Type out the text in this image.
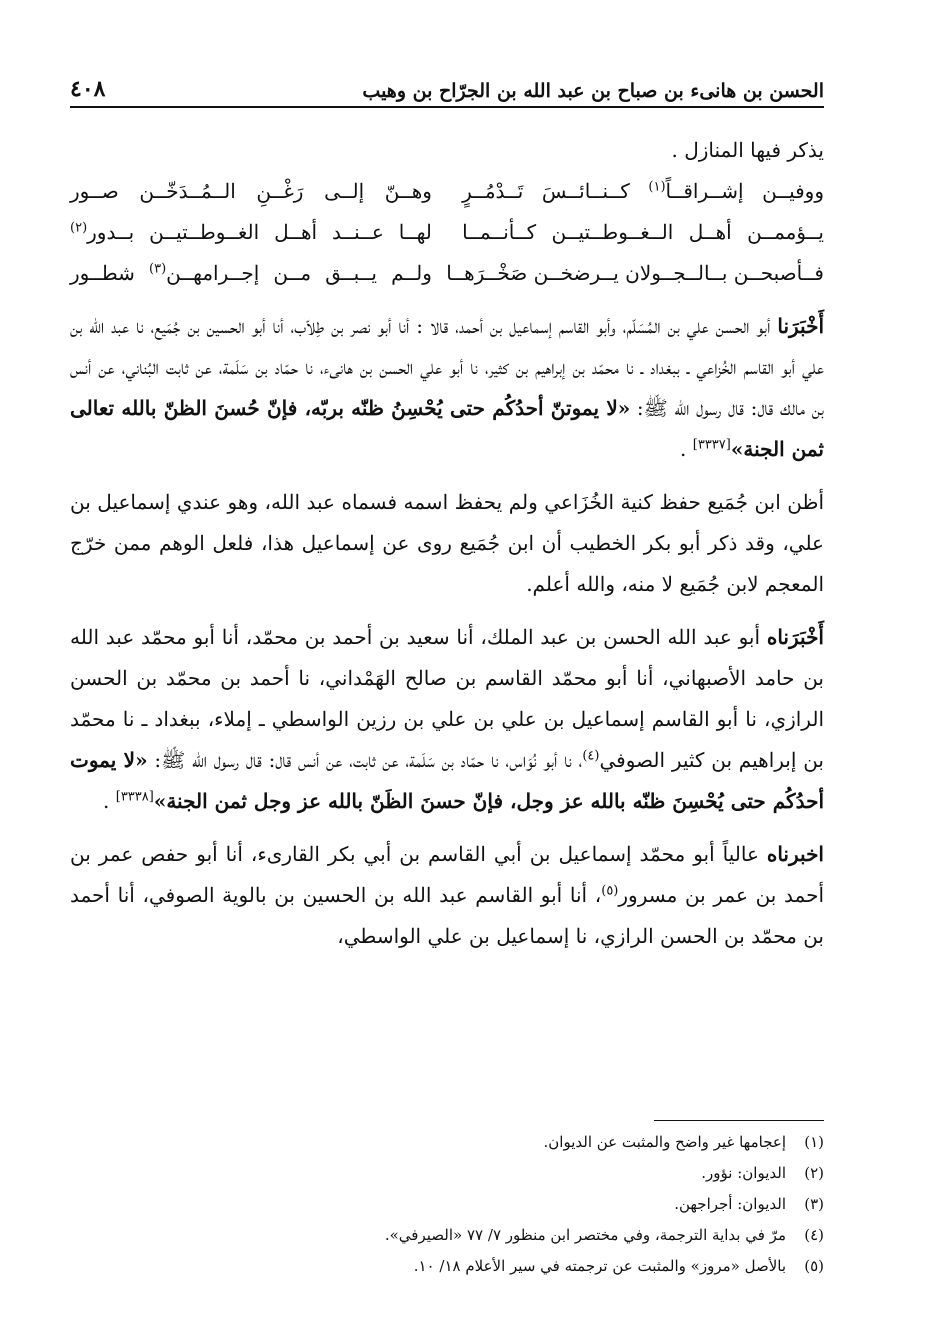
الحسن بن هانىء بن صباح بن عبد الله بن الجرّاح بن وهيب
٤٠٨

يذكر فيها المنازل .

ووفيــن إشــراقــاً$^{(١)}$ كــنــائــسَ تَــدْمُــرٍ
وهــنّ إلــى رَغْــنِ الــمُــدَخّــن صــور
يــؤممــن أهــل الــغــوطــتيــن كــأنــمــا
لهــا عــنــد أهــل الغــوطــتيــن بــدور$^{(٢)}$
فــأصبحــن بــالــجــولان يــرضخــن صَخْــرَهــا
ولــم يــبــق مــن إجــرامهــن$^{(٣)}$ شطــور

أَخْبَرَنا أبو الحسن علي بن المُسَلّم، وأبو القاسم إسماعيل بن أحمد، قالا : أنا أبو نصر بن طِلاّب، أنا أبو الحسين بن جُمَيع، نا عبد الله بن علي أبو القاسم الخُزاعي ـ ببغداد ـ نا محمّد بن إبراهيم بن كثير، نا أبو علي الحسن بن هانىء، نا حمّاد بن سَلَمة، عن ثابت البُناني، عن أنس بن مالك قال: قال رسول الله ﷺ: «لا يموتنّ أحدُكُم حتى يُحْسِنُ ظنّه بربّه، فإنّ حُسنَ الظنّ بالله تعالى ثمن الجنة»[٣٣٣٧] .

أظن ابن جُمَيع حفظ كنية الخُزَاعي ولم يحفظ اسمه فسماه عبد الله، وهو عندي إسماعيل بن علي، وقد ذكر أبو بكر الخطيب أن ابن جُمَيع روى عن إسماعيل هذا، فلعل الوهم ممن خرّج المعجم لابن جُمَيع لا منه، والله أعلم.

أَخْبَرَناه أبو عبد الله الحسن بن عبد الملك، أنا سعيد بن أحمد بن محمّد، أنا أبو محمّد عبد الله بن حامد الأصبهاني، أنا أبو محمّد القاسم بن صالح الهَمْداني، نا أحمد بن محمّد بن الحسن الرازي، نا أبو القاسم إسماعيل بن علي بن علي بن رزين الواسطي ـ إملاء، ببغداد ـ نا محمّد بن إبراهيم بن كثير الصوفي$^{(٤)}$، نا أبو نُوَاس، نا حمّاد بن سَلَمة، عن ثابت، عن أنس قال: قال رسول الله ﷺ: «لا يموت أحدُكُم حتى يُحْسِنَ ظنّه بالله عز وجل، فإنّ حسنَ الظَنّ بالله عز وجل ثمن الجنة»[٣٣٣٨] .

اخبرناه عالياً أبو محمّد إسماعيل بن أبي القاسم بن أبي بكر القارىء، أنا أبو حفص عمر بن أحمد بن عمر بن مسرور$^{(٥)}$، أنا أبو القاسم عبد الله بن الحسين بن بالوية الصوفي، أنا أحمد بن محمّد بن الحسن الرازي، نا إسماعيل بن علي الواسطي،

(١)
إعجامها غير واضح والمثبت عن الديوان.

(٢)
الديوان: نؤور.

(٣)
الديوان: أجراجهن.

(٤)
مرّ في بداية الترجمة، وفي مختصر ابن منظور ٧/ ٧٧ «الصيرفي».

(٥)
بالأصل «مروز» والمثبت عن ترجمته في سير الأعلام ١٨/ ١٠.
